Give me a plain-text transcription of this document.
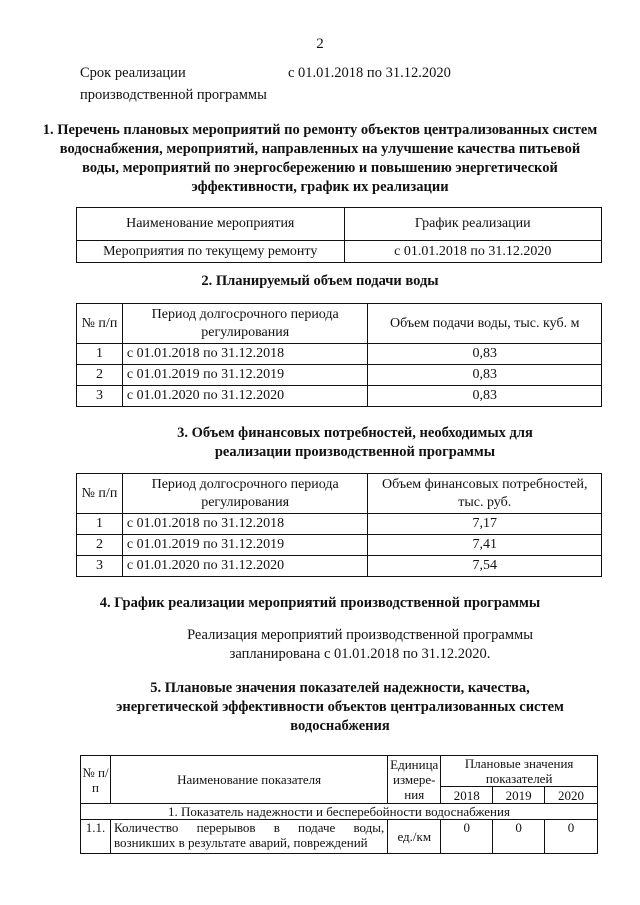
2
Срок реализации
производственной программы
с 01.01.2018 по 31.12.2020
1. Перечень плановых мероприятий по ремонту объектов централизованных систем водоснабжения, мероприятий, направленных на улучшение качества питьевой воды, мероприятий по энергосбережению и повышению энергетической эффективности, график их реализации
Наименование мероприятия	График реализации
Мероприятия по текущему ремонту	с 01.01.2018 по 31.12.2020
2. Планируемый объем подачи воды
№ п/п	Период долгосрочного периода регулирования	Объем подачи воды, тыс. куб. м
1	с 01.01.2018 по 31.12.2018	0,83
2	с 01.01.2019 по 31.12.2019	0,83
3	с 01.01.2020 по 31.12.2020	0,83
3. Объем финансовых потребностей, необходимых для реализации производственной программы
№ п/п	Период долгосрочного периода регулирования	Объем финансовых потребностей, тыс. руб.
1	с 01.01.2018 по 31.12.2018	7,17
2	с 01.01.2019 по 31.12.2019	7,41
3	с 01.01.2020 по 31.12.2020	7,54
4. График реализации мероприятий производственной программы
Реализация мероприятий производственной программы запланирована с 01.01.2018 по 31.12.2020.
5. Плановые значения показателей надежности, качества, энергетической эффективности объектов централизованных систем водоснабжения
№ п/п	Наименование показателя	Единица измере-ния	Плановые значения показателей		
			2018	2019	2020
1. Показатель надежности и бесперебойности водоснабжения					
1.1.	Количество перерывов в подаче воды, возникших в результате аварий, повреждений	ед./км	0	0	0
